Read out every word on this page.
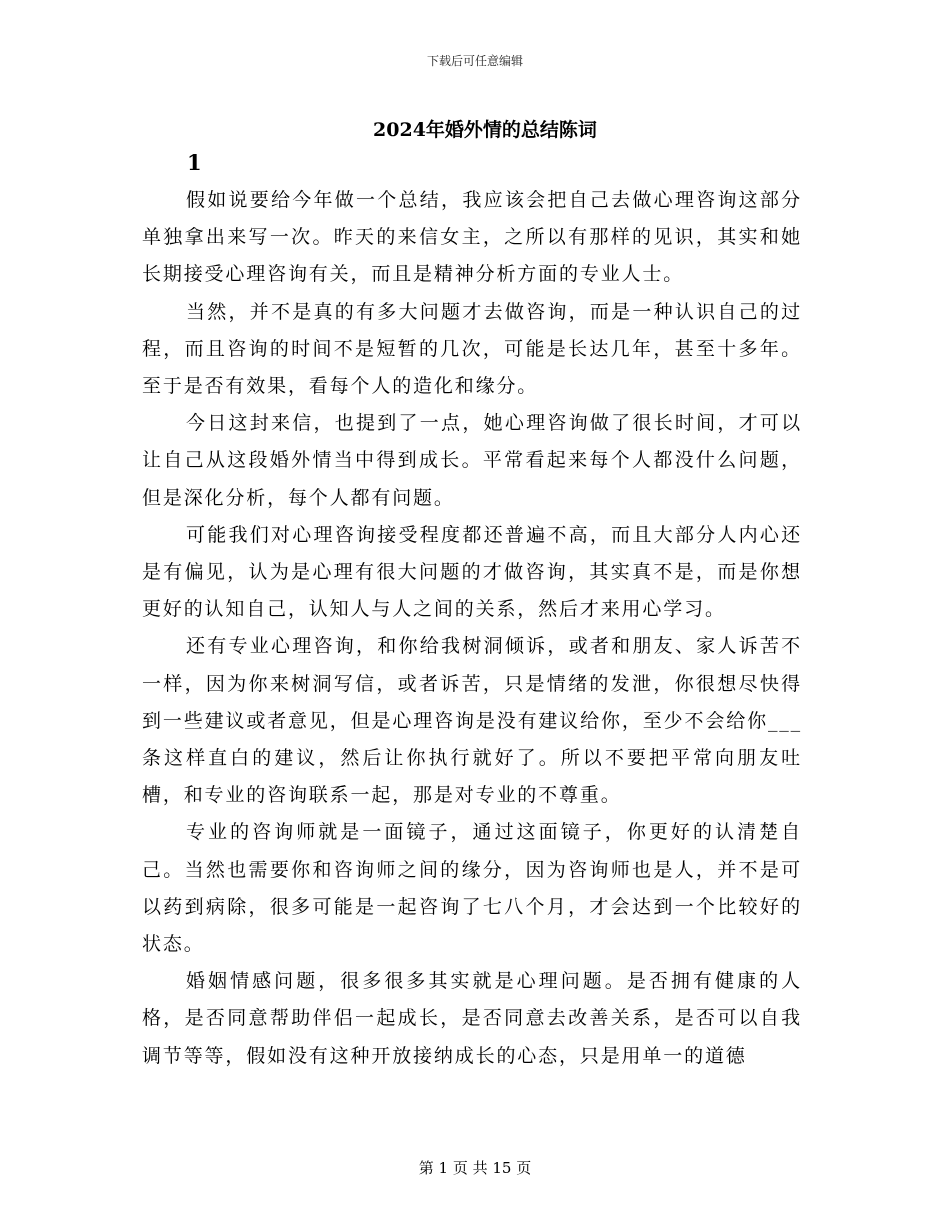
下载后可任意编辑
2024年婚外情的总结陈词
1

假如说要给今年做一个总结，我应该会把自己去做心理咨询这部分单独拿出来写一次。昨天的来信女主，之所以有那样的见识，其实和她长期接受心理咨询有关，而且是精神分析方面的专业人士。

当然，并不是真的有多大问题才去做咨询，而是一种认识自己的过程，而且咨询的时间不是短暂的几次，可能是长达几年，甚至十多年。至于是否有效果，看每个人的造化和缘分。

今日这封来信，也提到了一点，她心理咨询做了很长时间，才可以让自己从这段婚外情当中得到成长。平常看起来每个人都没什么问题，但是深化分析，每个人都有问题。

可能我们对心理咨询接受程度都还普遍不高，而且大部分人内心还是有偏见，认为是心理有很大问题的才做咨询，其实真不是，而是你想更好的认知自己，认知人与人之间的关系，然后才来用心学习。

还有专业心理咨询，和你给我树洞倾诉，或者和朋友、家人诉苦不一样，因为你来树洞写信，或者诉苦，只是情绪的发泄，你很想尽快得到一些建议或者意见，但是心理咨询是没有建议给你，至少不会给你___条这样直白的建议，然后让你执行就好了。所以不要把平常向朋友吐槽，和专业的咨询联系一起，那是对专业的不尊重。

专业的咨询师就是一面镜子，通过这面镜子，你更好的认清楚自己。当然也需要你和咨询师之间的缘分，因为咨询师也是人，并不是可以药到病除，很多可能是一起咨询了七八个月，才会达到一个比较好的状态。

婚姻情感问题，很多很多其实就是心理问题。是否拥有健康的人格，是否同意帮助伴侣一起成长，是否同意去改善关系，是否可以自我调节等等，假如没有这种开放接纳成长的心态，只是用单一的道德

第 1 页 共 15 页
